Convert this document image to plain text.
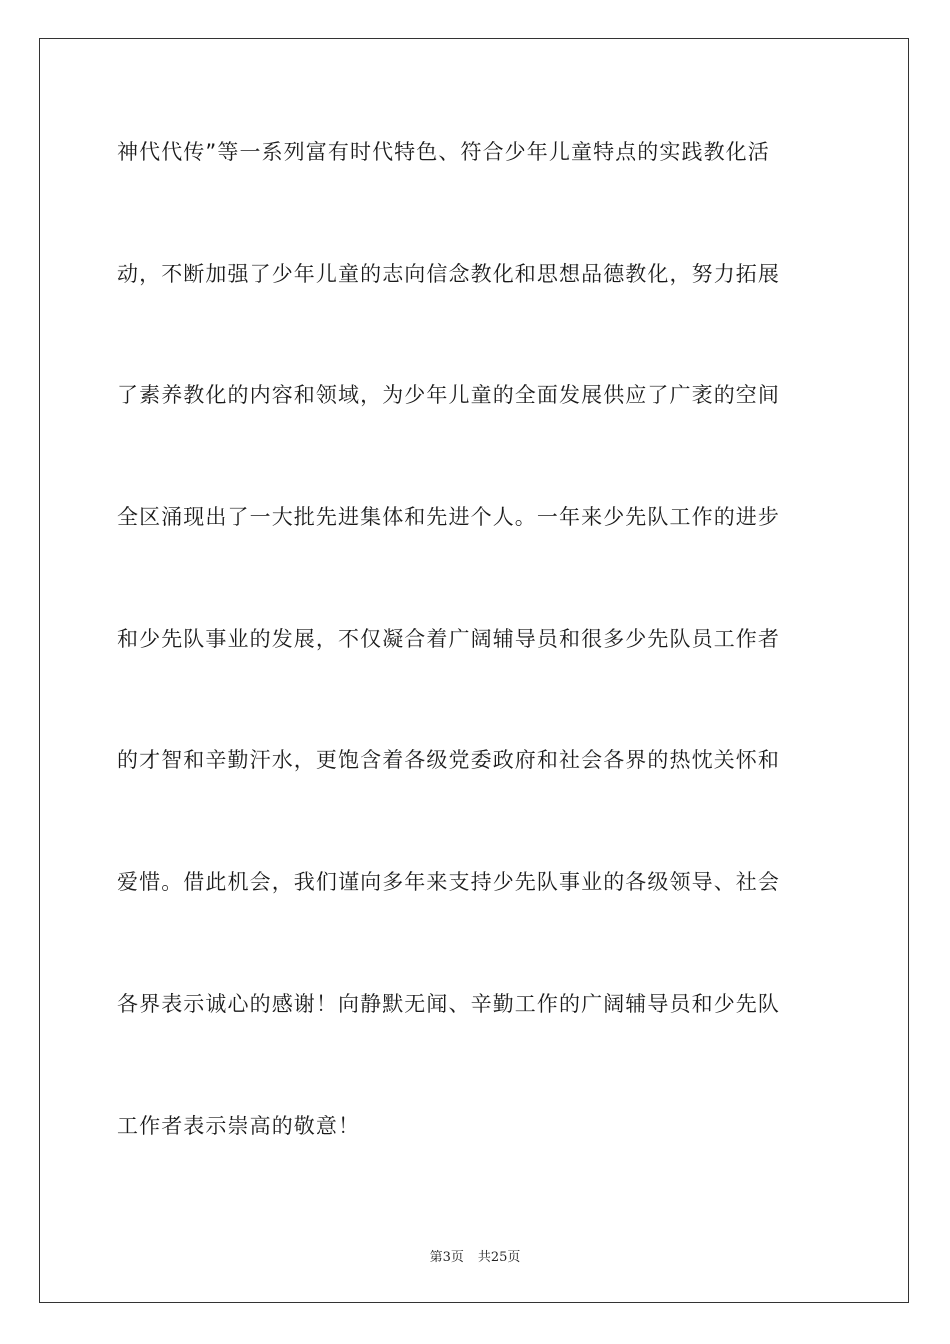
神代代传”等一系列富有时代特色、符合少年儿童特点的实践教化活
动，不断加强了少年儿童的志向信念教化和思想品德教化，努力拓展
了素养教化的内容和领域，为少年儿童的全面发展供应了广袤的空间
全区涌现出了一大批先进集体和先进个人。一年来少先队工作的进步
和少先队事业的发展，不仅凝合着广阔辅导员和很多少先队员工作者
的才智和辛勤汗水，更饱含着各级党委政府和社会各界的热忱关怀和
爱惜。借此机会，我们谨向多年来支持少先队事业的各级领导、社会
各界表示诚心的感谢！向静默无闻、辛勤工作的广阔辅导员和少先队
工作者表示崇高的敬意！
第3页 共25页
